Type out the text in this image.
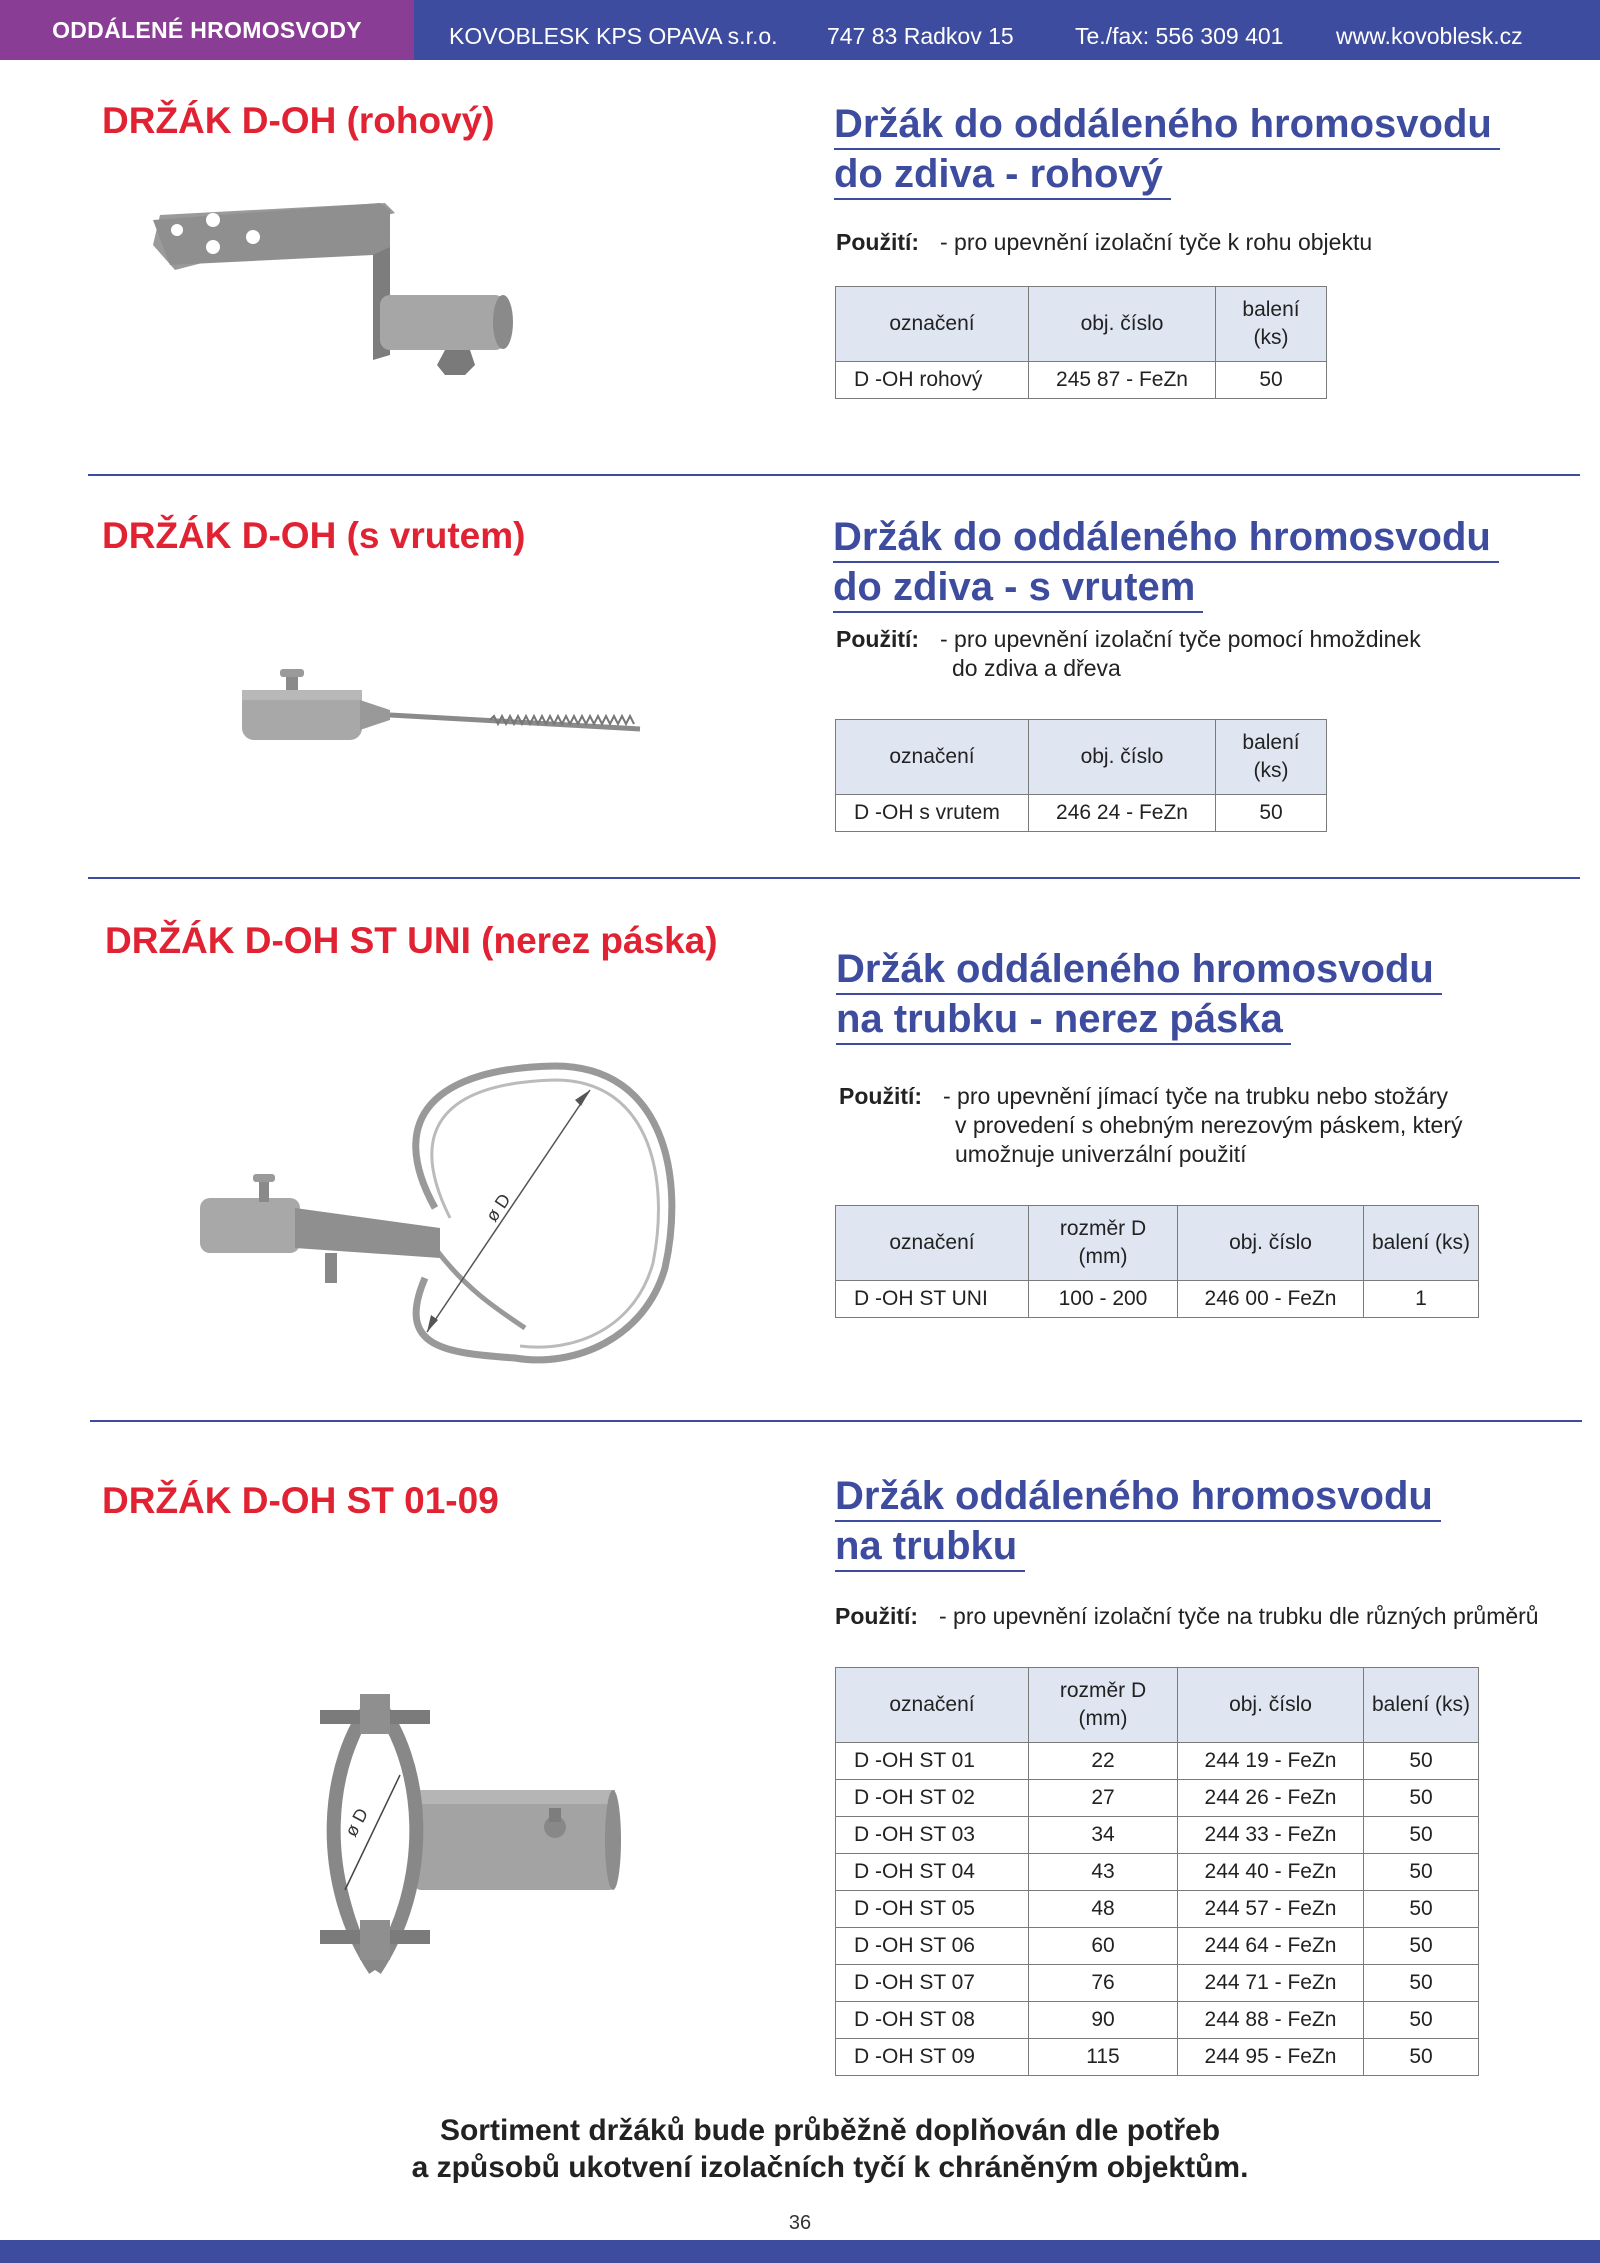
ODDÁLENÉ HROMOSVODY	KOVOBLESK KPS OPAVA s.r.o. 747 83 Radkov 15	Te./fax: 556 309 401 www.kovoblesk.cz
DRŽÁK D-OH (rohový)	Držák do oddáleného hromosvodu
do zdiva - rohový
Použití: - pro upevnění izolační tyče k rohu objektu
označení	obj. číslo	balení (ks)
D -OH rohový	245 87 - FeZn	50
DRŽÁK D-OH (s vrutem)	Držák do oddáleného hromosvodu
do zdiva - s vrutem
Použití: - pro upevnění izolační tyče pomocí hmoždinek
do zdiva a dřeva
označení	obj. číslo	balení (ks)
D -OH s vrutem	246 24 - FeZn	50
DRŽÁK D-OH ST UNI (nerez páska)
ø D
Držák oddáleného hromosvodu
na trubku - nerez páska
Použití: - pro upevnění jímací tyče na trubku nebo stožáry
v provedení s ohebným nerezovým páskem, který
umožnuje univerzální použití
označení	rozměr D (mm)	obj. číslo	balení (ks)
D -OH ST UNI	100 - 200	246 00 - FeZn	1
DRŽÁK D-OH ST 01-09
ø D
Držák oddáleného hromosvodu
na trubku
Použití: - pro upevnění izolační tyče na trubku dle různých průměrů
označení	rozměr D (mm)	obj. číslo	balení (ks)
D -OH ST 01	22	244 19 - FeZn	50
D -OH ST 02	27	244 26 - FeZn	50
D -OH ST 03	34	244 33 - FeZn	50
D -OH ST 04	43	244 40 - FeZn	50
D -OH ST 05	48	244 57 - FeZn	50
D -OH ST 06	60	244 64 - FeZn	50
D -OH ST 07	76	244 71 - FeZn	50
D -OH ST 08	90	244 88 - FeZn	50
D -OH ST 09	115	244 95 - FeZn	50
Sortiment držáků bude průběžně doplňován dle potřeb
a způsobů ukotvení izolačních tyčí k chráněným objektům.
36
